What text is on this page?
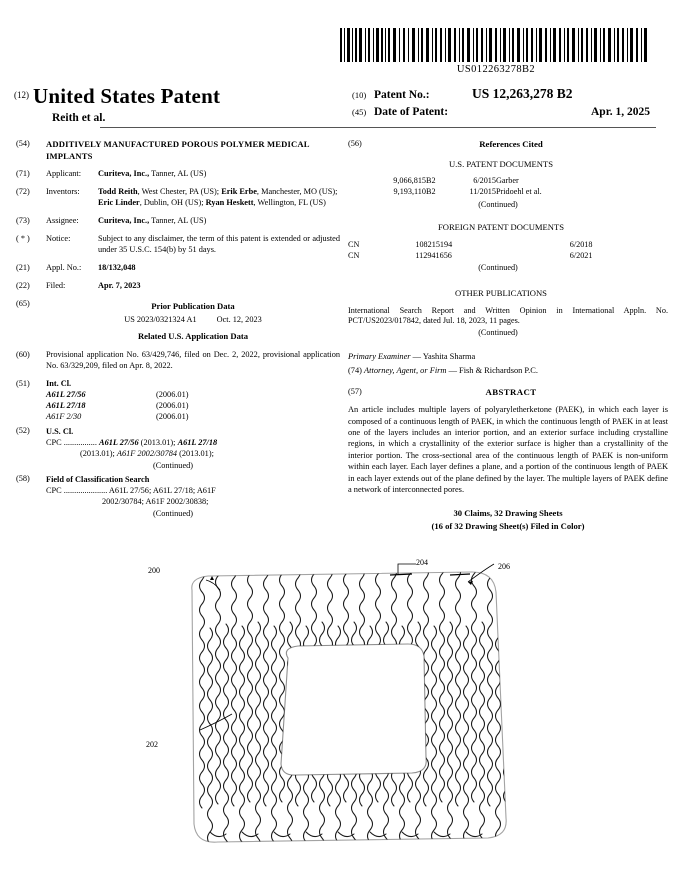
US012263278B2
$^{(12)}$ United States Patent
Reith et al.
(10) Patent No.:	US 12,263,278 B2
(45) Date of Patent:	Apr. 1, 2025
(54)	ADDITIVELY MANUFACTURED POROUS POLYMER MEDICAL IMPLANTS
(71)	Applicant:	Curiteva, Inc., Tanner, AL (US)
(72)	Inventors:	Todd Reith, West Chester, PA (US); Erik Erbe, Manchester, MO (US); Eric Linder, Dublin, OH (US); Ryan Heskett, Wellington, FL (US)
(73)	Assignee:	Curiteva, Inc., Tanner, AL (US)
( * )	Notice:	Subject to any disclaimer, the term of this patent is extended or adjusted under 35 U.S.C. 154(b) by 51 days.
(21)	Appl. No.:	18/132,048
(22)	Filed:	Apr. 7, 2023
(65)	Prior Publication Data
US 2023/0321324 A1 Oct. 12, 2023
Related U.S. Application Data
(60)	Provisional application No. 63/429,746, filed on Dec. 2, 2022, provisional application No. 63/329,209, filed on Apr. 8, 2022.
(51)	Int. Cl.
A61L 27/56	(2006.01)
A61L 27/18	(2006.01)
A61F 2/30	(2006.01)
(52)	U.S. Cl.
CPC ................ A61L 27/56 (2013.01); A61L 27/18
(2013.01); A61F 2002/30784 (2013.01);
(Continued)
(58)	Field of Classification Search
CPC ..................... A61L 27/56; A61L 27/18; A61F
2002/30784; A61F 2002/30838;
(Continued)
(56)	References Cited
U.S. PATENT DOCUMENTS
9,066,815	B2	6/2015	Garber
9,193,110	B2	11/2015	Pridoehl et al.
(Continued)
FOREIGN PATENT DOCUMENTS
CN	108215194	6/2018
CN	112941656	6/2021
(Continued)
OTHER PUBLICATIONS
International Search Report and Written Opinion in International Appln. No. PCT/US2023/017842, dated Jul. 18, 2023, 11 pages.
(Continued)
Primary Examiner — Yashita Sharma
(74) Attorney, Agent, or Firm — Fish & Richardson P.C.
(57)	ABSTRACT
An article includes multiple layers of polyaryletherketone (PAEK), in which each layer is composed of a continuous length of PAEK, in which the continuous length of PAEK in at least one of the layers includes an interior portion, and an exterior surface including crystalline regions, in which a crystallinity of the exterior surface is higher than a crystallinity of the interior portion. The cross-sectional area of the continuous length of PAEK is non-uniform within each layer. Each layer defines a plane, and a portion of the continuous length of PAEK in each layer extends out of the plane defined by the layer. The multiple layers of PAEK define a network of interconnected pores.
30 Claims, 32 Drawing Sheets
(16 of 32 Drawing Sheet(s) Filed in Color)
200
202
204	206
